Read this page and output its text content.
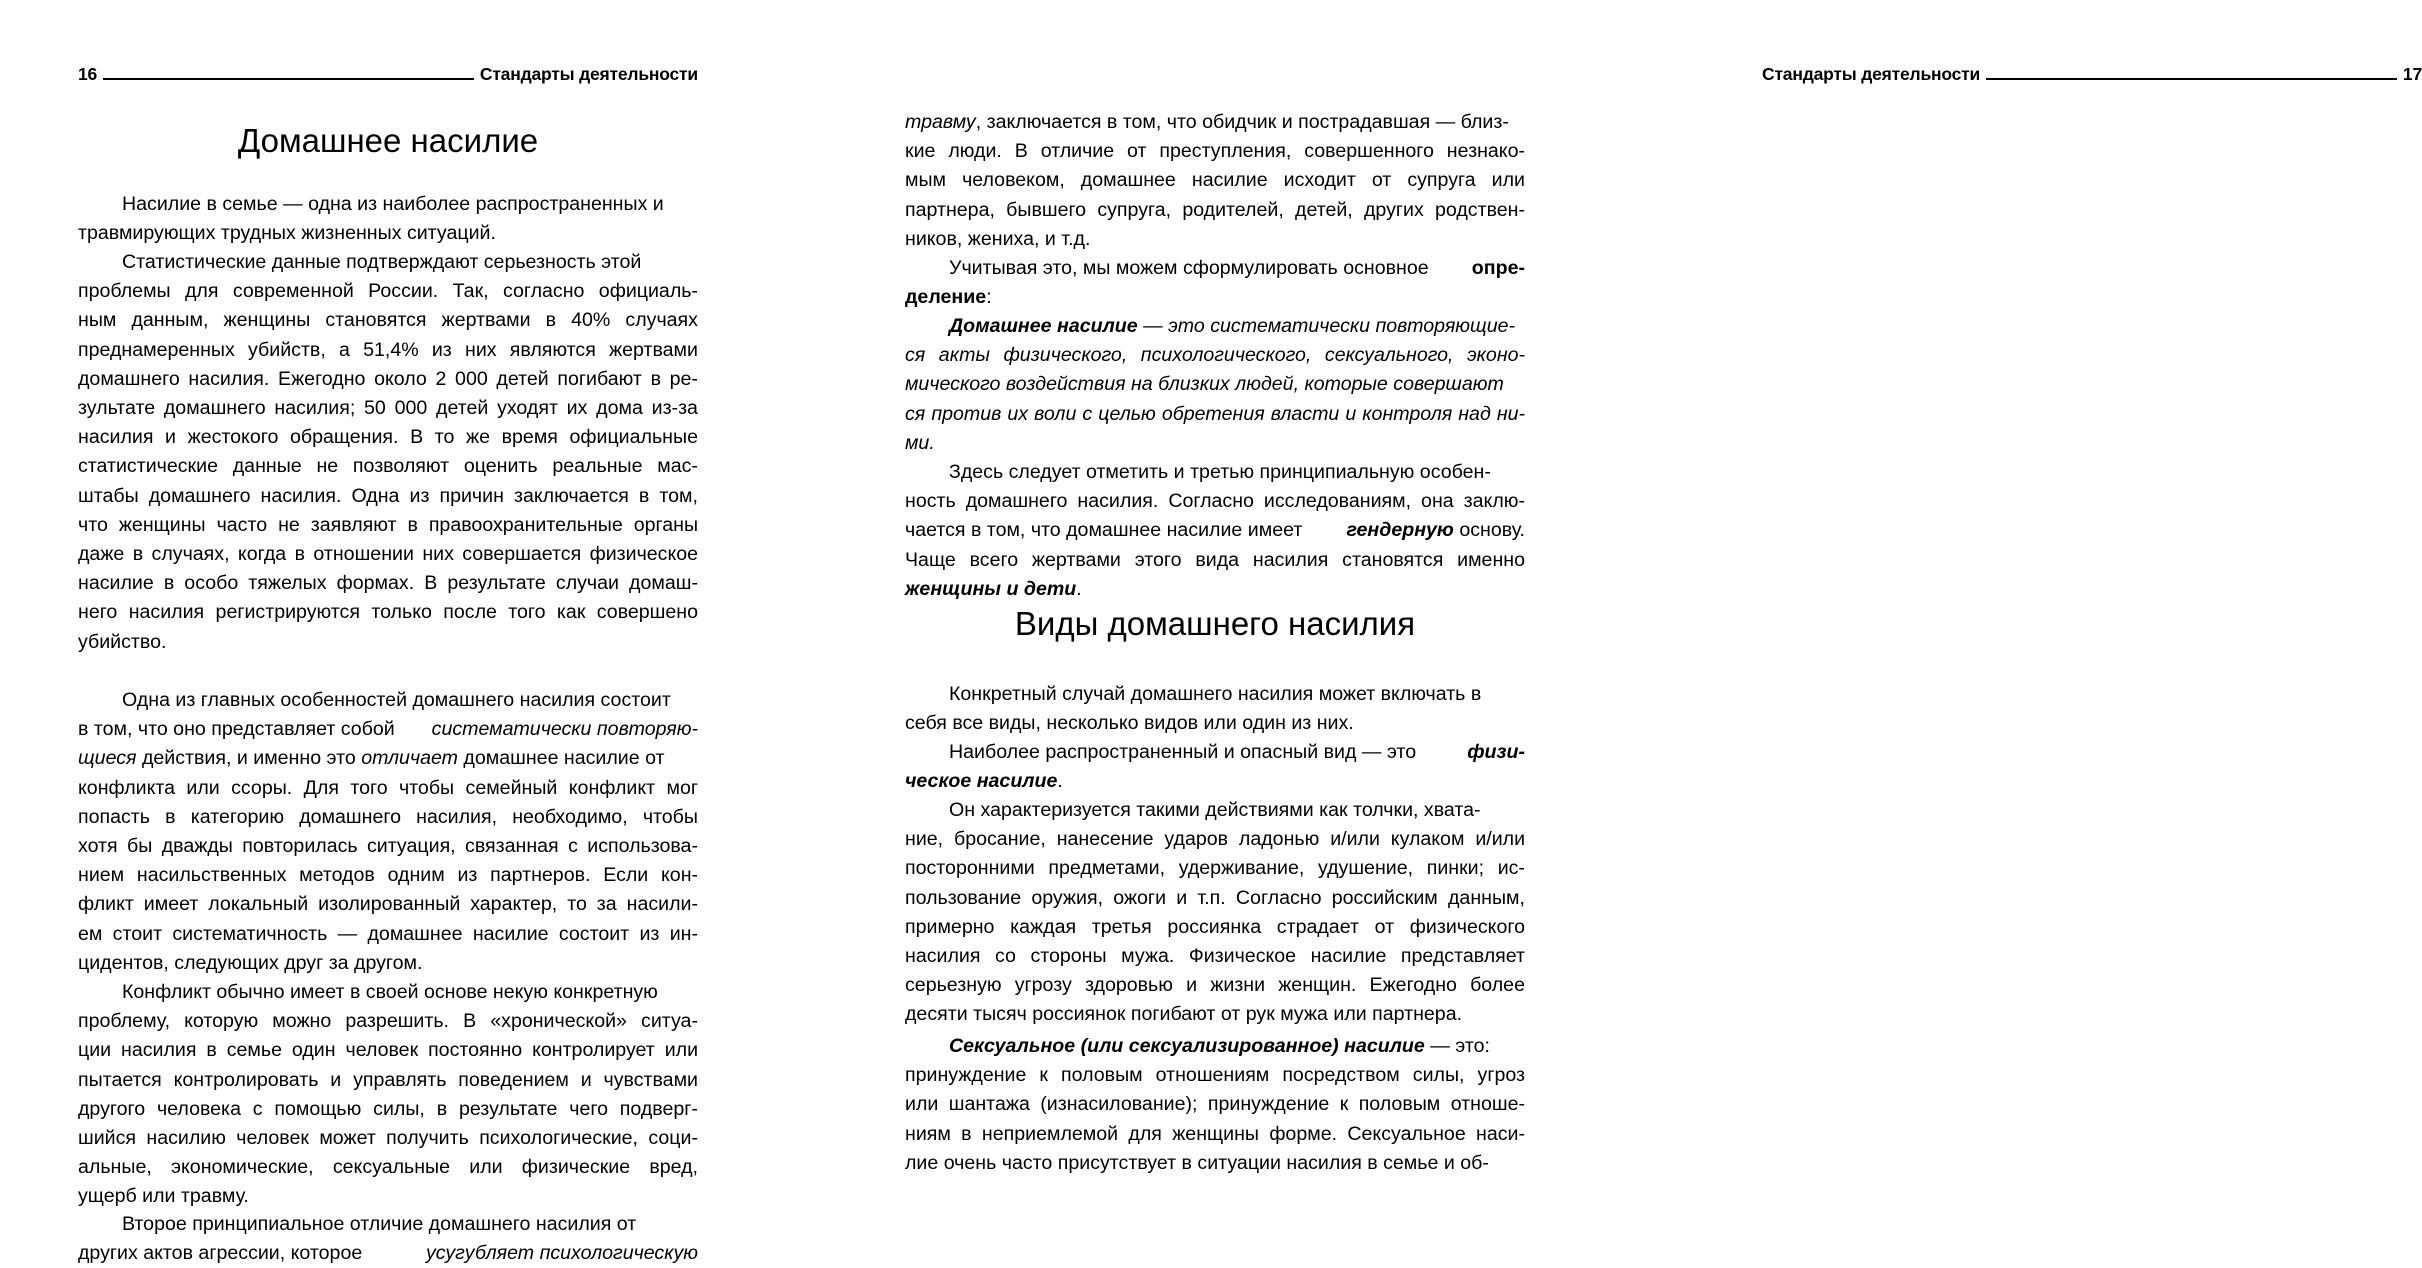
16	Стандарты деятельности
Домашнее насилие

Насилие в семье — одна из наиболее распространенных и
травмирующих трудных жизненных ситуаций.

Статистические данные подтверждают серьезность этой
проблемы
для
современной
России.
Так,
согласно
официаль-
ным
данным,
женщины
становятся
жертвами
в
40%
случаях
преднамеренных
убийств,
а
51,4%
из
них
являются
жертвами
домашнего
насилия.
Ежегодно
около
2
000
детей
погибают
в
ре-
зультате
домашнего
насилия;
50
000
детей
уходят
их
дома
из-за
насилия
и
жестокого
обращения.
В
то
же
время
официальные
статистические
данные
не
позволяют
оценить
реальные
мас-
штабы
домашнего
насилия.
Одна
из
причин
заключается
в
том,
что
женщины
часто
не
заявляют
в
правоохранительные
органы
даже
в
случаях,
когда
в
отношении
них
совершается
физическое
насилие
в
особо
тяжелых
формах.
В
результате
случаи
домаш-
него
насилия
регистрируются
только
после
того
как
совершено
убийство.

Одна из главных особенностей домашнего насилия состоит
в том, что оно представляет собой систематически повторяю-
щиеся действия, и именно это отличает домашнее насилие от
конфликта
или
ссоры.
Для
того
чтобы
семейный
конфликт
мог
попасть
в
категорию
домашнего
насилия,
необходимо,
чтобы
хотя
бы
дважды
повторилась
ситуация,
связанная
с
использова-
нием
насильственных
методов
одним
из
партнеров.
Если
кон-
фликт
имеет
локальный
изолированный
характер,
то
за
насили-
ем
стоит
систематичность
—
домашнее
насилие
состоит
из
ин-
цидентов, следующих друг за другом.

Конфликт обычно имеет в своей основе некую конкретную
проблему,
которую
можно
разрешить.
В
«хронической»
ситуа-
ции
насилия
в
семье
один
человек
постоянно
контролирует
или
пытается
контролировать
и
управлять
поведением
и
чувствами
другого
человека
с
помощью
силы,
в
результате
чего
подверг-
шийся
насилию
человек
может
получить
психологические,
соци-
альные,
экономические,
сексуальные
или
физические
вред,
ущерб или травму.

Второе принципиальное отличие домашнего насилия от
других актов агрессии, которое	усугубляет психологическую

Стандарты деятельности	17

травму , заключается в том, что обидчик и пострадавшая — близ-
кие
люди.
В
отличие
от
преступления,
совершенного
незнако-
мым
человеком,
домашнее
насилие
исходит
от
супруга
или
партнера,
бывшего
супруга,
родителей,
детей,
других
родствен-
ников, жениха, и т.д.

Учитывая это, мы можем сформулировать основное опре-
деление:

Домашнее насилие — это систематически повторяющие-
ся
акты
физического,
психологического,
сексуального,
эконо-
мического воздействия на близких людей, которые совершают
ся
против
их
воли
с
целью
обретения
власти
и
контроля
над
ни-
ми.

Здесь следует отметить и третью принципиальную особен-
ность
домашнего
насилия.
Согласно
исследованиям,
она
заклю-
чается в том, что домашнее насилие имеет гендерную основу.
Чаще
всего
жертвами
этого
вида
насилия
становятся
именно
женщины и дети.

Виды домашнего насилия

Конкретный случай домашнего насилия может включать в
себя все виды, несколько видов или один из них.

Наиболее распространенный и опасный вид — это физи-
ческое насилие.

Он характеризуется такими действиями как толчки, хвата-
ние,
бросание,
нанесение
ударов
ладонью
и/или
кулаком
и/или
посторонними
предметами,
удерживание,
удушение,
пинки;
ис-
пользование
оружия,
ожоги
и
т.п.
Согласно
российским
данным,
примерно
каждая
третья
россиянка
страдает
от
физического
насилия
со
стороны
мужа.
Физическое
насилие
представляет
серьезную
угрозу
здоровью
и
жизни
женщин.
Ежегодно
более
десяти тысяч россиянок погибают от рук мужа или партнера.

Сексуальное (или сексуализированное) насилие — это:
принуждение
к
половым
отношениям
посредством
силы,
угроз
или
шантажа
(изнасилование);
принуждение
к
половым
отноше-
ниям
в
неприемлемой
для
женщины
форме.
Сексуальное
наси-
лие очень часто присутствует в ситуации насилия в семье и об-
